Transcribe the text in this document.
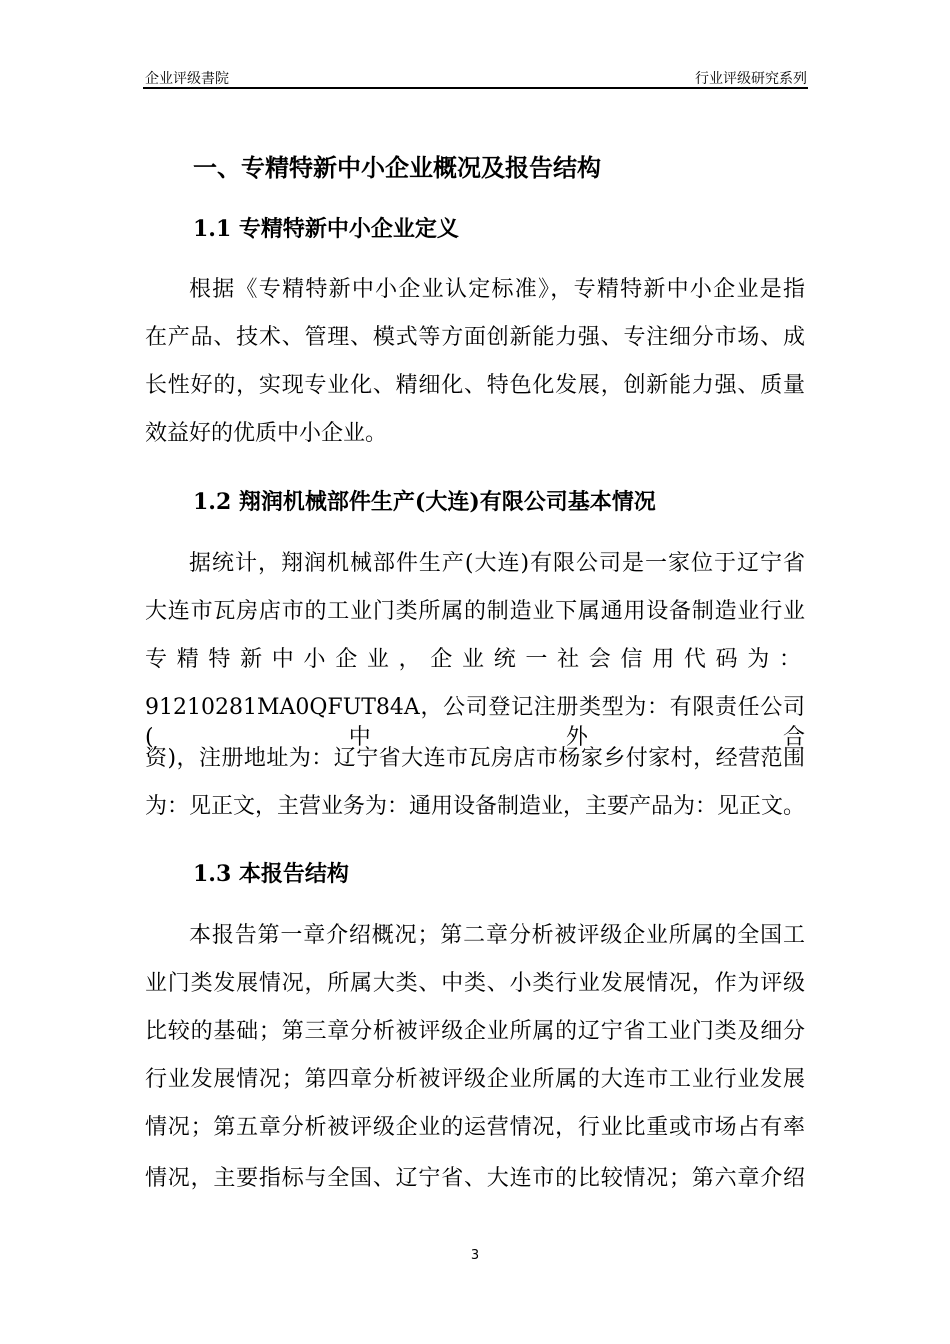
企业评级書院	行业评级研究系列
一、专精特新中小企业概况及报告结构
1.1 专精特新中小企业定义
根据《专精特新中小企业认定标准》，专精特新中小企业是指
在产品、技术、管理、模式等方面创新能力强、专注细分市场、成
长性好的，实现专业化、精细化、特色化发展，创新能力强、质量
效益好的优质中小企业。
1.2 翔润机械部件生产(大连)有限公司基本情况
据统计，翔润机械部件生产(大连)有限公司是一家位于辽宁省
大连市瓦房店市的工业门类所属的制造业下属通用设备制造业行业
专精特新中小企业，企业统一社会信用代码为：
91210281MA0QFUT84A，公司登记注册类型为：有限责任公司(中外合
资)，注册地址为：辽宁省大连市瓦房店市杨家乡付家村，经营范围
为：见正文，主营业务为：通用设备制造业，主要产品为：见正文。
1.3 本报告结构
本报告第一章介绍概况；第二章分析被评级企业所属的全国工
业门类发展情况，所属大类、中类、小类行业发展情况，作为评级
比较的基础；第三章分析被评级企业所属的辽宁省工业门类及细分
行业发展情况；第四章分析被评级企业所属的大连市工业行业发展
情况；第五章分析被评级企业的运营情况，行业比重或市场占有率
情况，主要指标与全国、辽宁省、大连市的比较情况；第六章介绍
3
